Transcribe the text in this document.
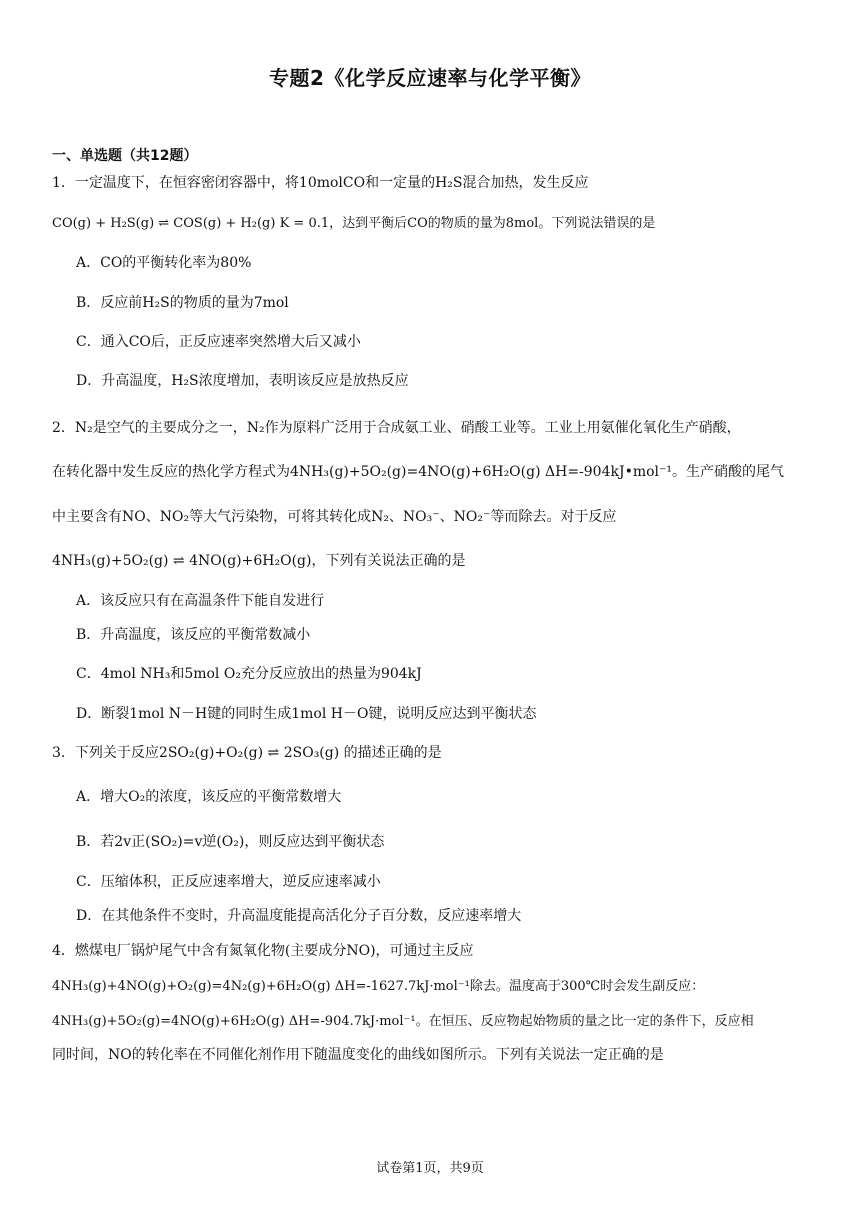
专题2《化学反应速率与化学平衡》
一、单选题（共12题）
1．一定温度下，在恒容密闭容器中，将10molCO和一定量的H₂S混合加热，发生反应
CO(g) + H₂S(g) ⇌ COS(g) + H₂(g) K = 0.1，达到平衡后CO的物质的量为8mol。下列说法错误的是
A．CO的平衡转化率为80%
B．反应前H₂S的物质的量为7mol
C．通入CO后，正反应速率突然增大后又减小
D．升高温度，H₂S浓度增加，表明该反应是放热反应
2．N₂是空气的主要成分之一，N₂作为原料广泛用于合成氨工业、硝酸工业等。工业上用氨催化氧化生产硝酸，
在转化器中发生反应的热化学方程式为4NH₃(g)+5O₂(g)=4NO(g)+6H₂O(g) ΔH=-904kJ•mol⁻¹。生产硝酸的尾气
中主要含有NO、NO₂等大气污染物，可将其转化成N₂、NO₃⁻、NO₂⁻等而除去。对于反应
4NH₃(g)+5O₂(g) ⇌ 4NO(g)+6H₂O(g)，下列有关说法正确的是
A．该反应只有在高温条件下能自发进行
B．升高温度，该反应的平衡常数减小
C．4mol NH₃和5mol O₂充分反应放出的热量为904kJ
D．断裂1mol N－H键的同时生成1mol H－O键，说明反应达到平衡状态
3．下列关于反应2SO₂(g)+O₂(g) ⇌ 2SO₃(g) 的描述正确的是
A．增大O₂的浓度，该反应的平衡常数增大
B．若2v正(SO₂)=v逆(O₂)，则反应达到平衡状态
C．压缩体积，正反应速率增大，逆反应速率减小
D．在其他条件不变时，升高温度能提高活化分子百分数，反应速率增大
4．燃煤电厂锅炉尾气中含有氮氧化物(主要成分NO)，可通过主反应
4NH₃(g)+4NO(g)+O₂(g)=4N₂(g)+6H₂O(g) ΔH=-1627.7kJ·mol⁻¹除去。温度高于300℃时会发生副反应：
4NH₃(g)+5O₂(g)=4NO(g)+6H₂O(g) ΔH=-904.7kJ·mol⁻¹。在恒压、反应物起始物质的量之比一定的条件下，反应相
同时间，NO的转化率在不同催化剂作用下随温度变化的曲线如图所示。下列有关说法一定正确的是
试卷第1页，共9页
